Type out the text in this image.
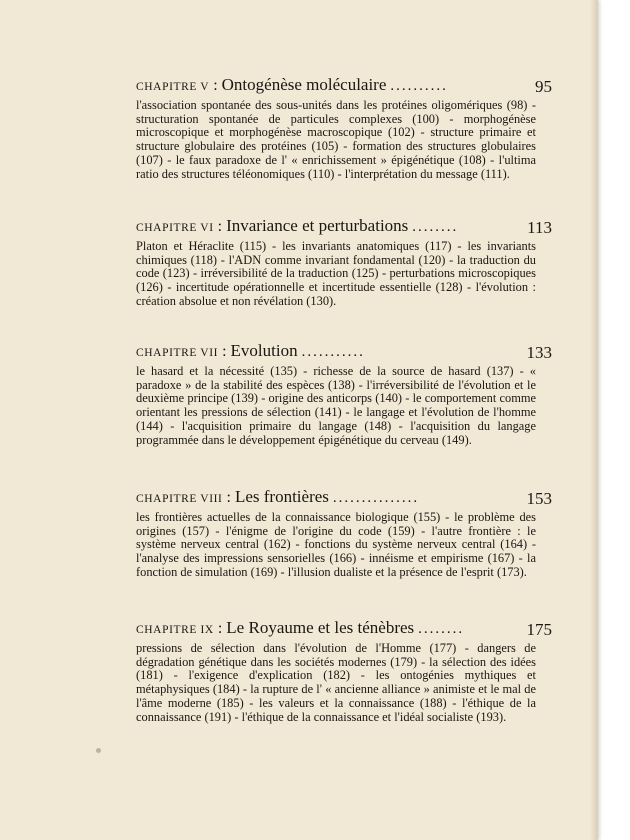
CHAPITRE V : Ontogénèse moléculaire ..........	95

l'association spontanée des sous-unités dans les protéines oligomériques (98) - structuration spontanée de particules complexes (100) - morphogénèse microscopique et morphogénèse macroscopique (102) - structure primaire et structure globulaire des protéines (105) - formation des structures globulaires (107) - le faux paradoxe de l' « enrichissement » épigénétique (108) - l'ultima ratio des structures téléonomiques (110) - l'interprétation du message (111).

CHAPITRE VI : Invariance et perturbations ........	113

Platon et Héraclite (115) - les invariants anatomiques (117) - les invariants chimiques (118) - l'ADN comme invariant fondamental (120) - la traduction du code (123) - irréversibilité de la traduction (125) - perturbations microscopiques (126) - incertitude opérationnelle et incertitude essentielle (128) - l'évolution : création absolue et non révélation (130).

CHAPITRE VII : Evolution ...........	133

le hasard et la nécessité (135) - richesse de la source de hasard (137) - « paradoxe » de la stabilité des espèces (138) - l'irréversibilité de l'évolution et le deuxième principe (139) - origine des anticorps (140) - le comportement comme orientant les pressions de sélection (141) - le langage et l'évolution de l'homme (144) - l'acquisition primaire du langage (148) - l'acquisition du langage programmée dans le développement épigénétique du cerveau (149).

CHAPITRE VIII : Les frontières ...............	153

les frontières actuelles de la connaissance biologique (155) - le problème des origines (157) - l'énigme de l'origine du code (159) - l'autre frontière : le système nerveux central (162) - fonctions du système nerveux central (164) - l'analyse des impressions sensorielles (166) - innéisme et empirisme (167) - la fonction de simulation (169) - l'illusion dualiste et la présence de l'esprit (173).

CHAPITRE IX : Le Royaume et les ténèbres ........	175

pressions de sélection dans l'évolution de l'Homme (177) - dangers de dégradation génétique dans les sociétés modernes (179) - la sélection des idées (181) - l'exigence d'explication (182) - les ontogénies mythiques et métaphysiques (184) - la rupture de l' « ancienne alliance » animiste et le mal de l'âme moderne (185) - les valeurs et la connaissance (188) - l'éthique de la connaissance (191) - l'éthique de la connaissance et l'idéal socialiste (193).
